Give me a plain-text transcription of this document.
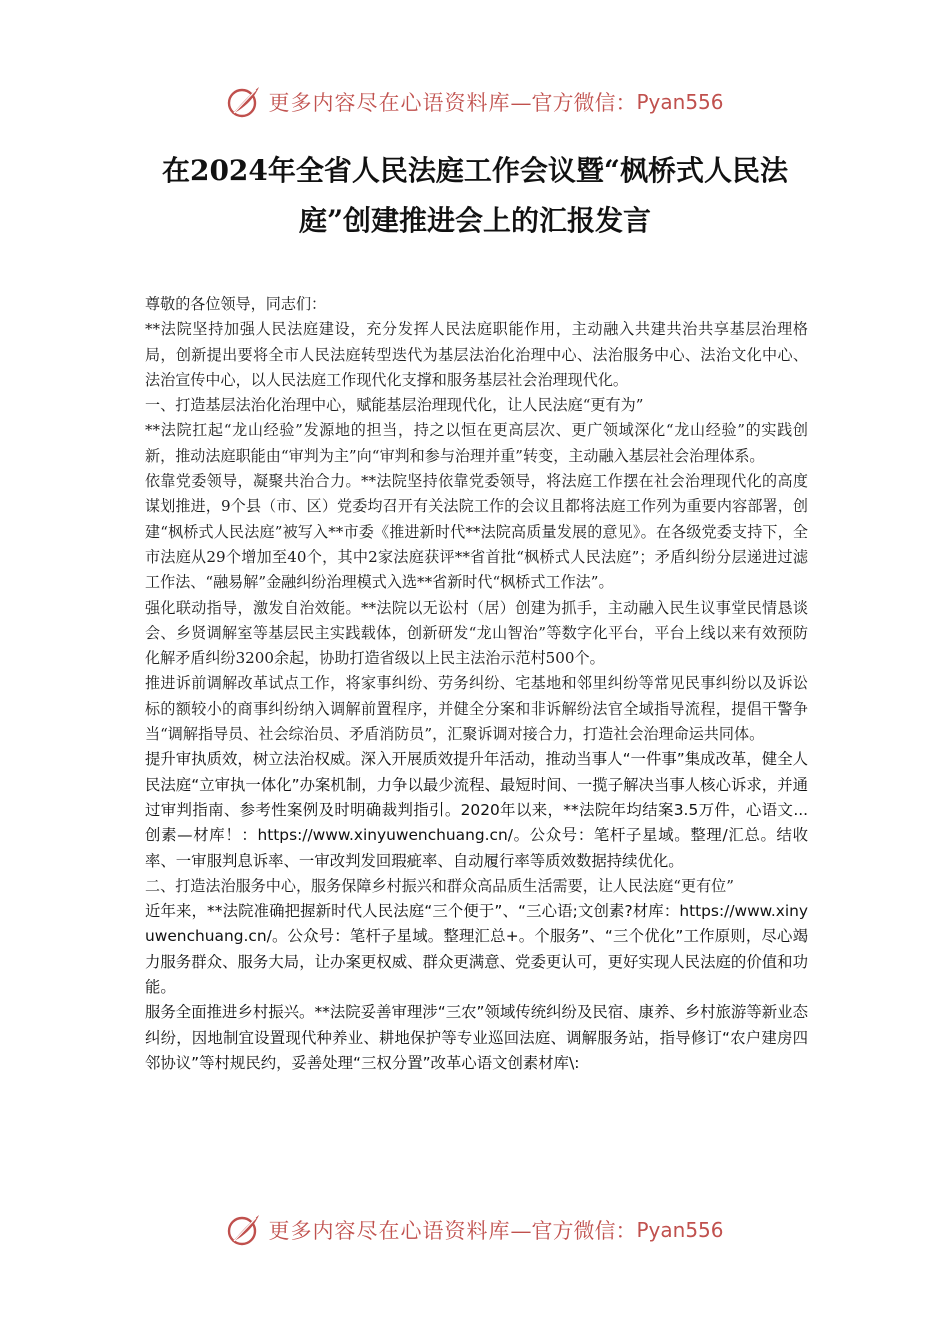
更多内容尽在心语资料库 —官方微信： Pyan556
在2024年全省人民法庭工作会议暨“枫桥式人民法庭”创建推进会上的汇报发言

尊敬的各位领导，同志们：

**法院坚持加强人民法庭建设，充分发挥人民法庭职能作用，主动融入共建共治共享基层治理格局，创新提出要将全市人民法庭转型迭代为基层法治化治理中心、法治服务中心、法治文化中心、法治宣传中心，以人民法庭工作现代化支撑和服务基层社会治理现代化。

一、打造基层法治化治理中心，赋能基层治理现代化，让人民法庭“更有为”

**法院扛起“龙山经验”发源地的担当，持之以恒在更高层次、更广领域深化“龙山经验”的实践创新，推动法庭职能由“审判为主”向“审判和参与治理并重”转变，主动融入基层社会治理体系。

依靠党委领导，凝聚共治合力。**法院坚持依靠党委领导，将法庭工作摆在社会治理现代化的高度谋划推进，9个县（市、区）党委均召开有关法院工作的会议且都将法庭工作列为重要内容部署，创建“枫桥式人民法庭”被写入**市委《推进新时代**法院高质量发展的意见》。在各级党委支持下，全市法庭从29个增加至40个，其中2家法庭获评**省首批“枫桥式人民法庭”；矛盾纠纷分层递进过滤工作法、“融易解”金融纠纷治理模式入选**省新时代“枫桥式工作法”。

强化联动指导，激发自治效能。**法院以无讼村（居）创建为抓手，主动融入民生议事堂民情恳谈会、乡贤调解室等基层民主实践载体，创新研发“龙山智治”等数字化平台，平台上线以来有效预防化解矛盾纠纷3200余起，协助打造省级以上民主法治示范村500个。

推进诉前调解改革试点工作，将家事纠纷、劳务纠纷、宅基地和邻里纠纷等常见民事纠纷以及诉讼标的额较小的商事纠纷纳入调解前置程序，并健全分案和非诉解纷法官全域指导流程，提倡干警争当“调解指导员、社会综治员、矛盾消防员”，汇聚诉调对接合力，打造社会治理命运共同体。

提升审执质效，树立法治权威。深入开展质效提升年活动，推动当事人“一件事”集成改革，健全人民法庭“立审执一体化”办案机制，力争以最少流程、最短时间、一揽子解决当事人核心诉求，并通过审判指南、参考性案例及时明确裁判指引。2020年以来，**法院年均结案3.5万件，心语文...创素—材库！：https://www.xinyuwenchuang.cn/。公众号：笔杆子星域。整理/汇总。结收率、一审服判息诉率、一审改判发回瑕疵率、自动履行率等质效数据持续优化。

二、打造法治服务中心，服务保障乡村振兴和群众高品质生活需要，让人民法庭“更有位”

近年来，**法院准确把握新时代人民法庭“三个便于”、“三心语;文创素?材库：https://www.xinyuwenchuang.cn/。公众号：笔杆子星域。整理汇总+。个服务”、“三个优化”工作原则，尽心竭力服务群众、服务大局，让办案更权威、群众更满意、党委更认可，更好实现人民法庭的价值和功能。

服务全面推进乡村振兴。**法院妥善审理涉“三农”领域传统纠纷及民宿、康养、乡村旅游等新业态纠纷，因地制宜设置现代种养业、耕地保护等专业巡回法庭、调解服务站，指导修订“农户建房四邻协议”等村规民约，妥善处理“三权分置”改革心语文创素材库\:

更多内容尽在心语资料库 —官方微信： Pyan556
